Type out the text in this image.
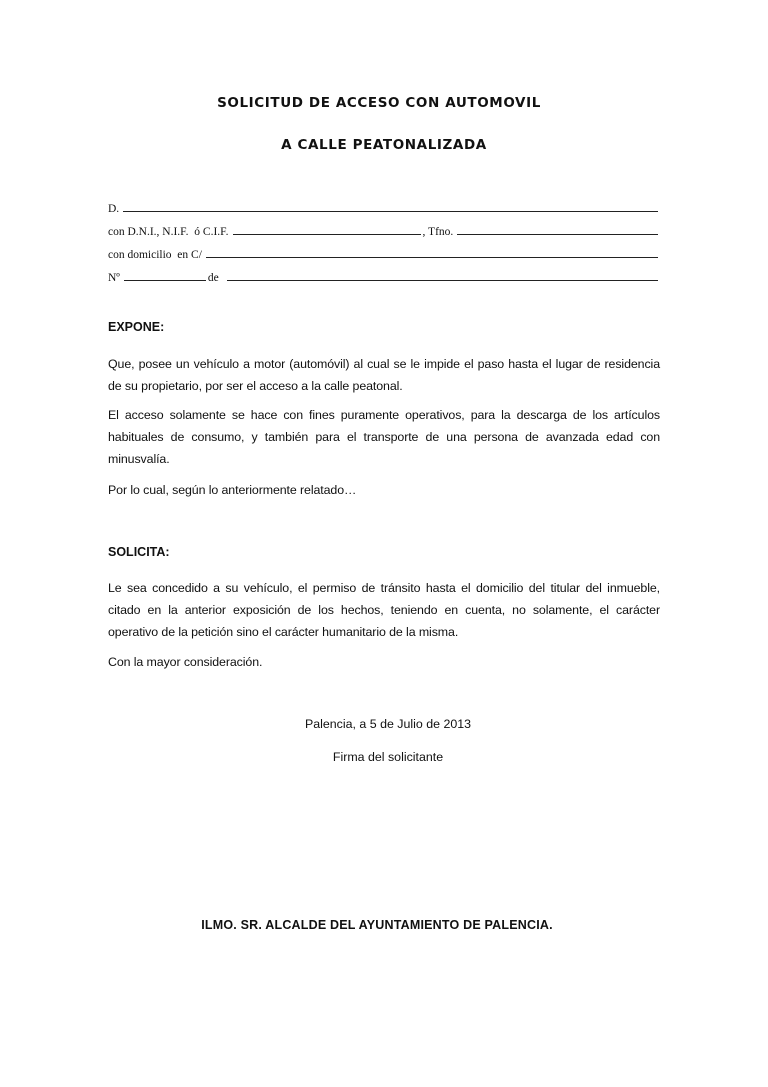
SOLICITUD DE ACCESO CON AUTOMOVIL
A CALLE PEATONALIZADA
D.
con D.N.I., N.I.F.  ó C.I.F.	, Tfno.
con domicilio  en C/
Nº	de
EXPONE:
Que, posee un vehículo a motor (automóvil) al cual se le impide el paso hasta el lugar de residencia de su propietario, por ser el acceso a la calle peatonal.
El acceso solamente se hace con fines puramente operativos, para la descarga de los artículos habituales de consumo, y también para el transporte de una persona de avanzada edad con minusvalía.
Por lo cual, según lo anteriormente relatado…
SOLICITA:
Le sea concedido a su vehículo, el permiso de tránsito hasta el domicilio del titular del inmueble, citado en la anterior exposición de los hechos, teniendo en cuenta, no solamente, el carácter operativo de la petición sino el carácter humanitario de la misma.
Con la mayor consideración.
Palencia, a 5 de Julio de 2013
Firma del solicitante
ILMO. SR. ALCALDE DEL AYUNTAMIENTO DE PALENCIA.
